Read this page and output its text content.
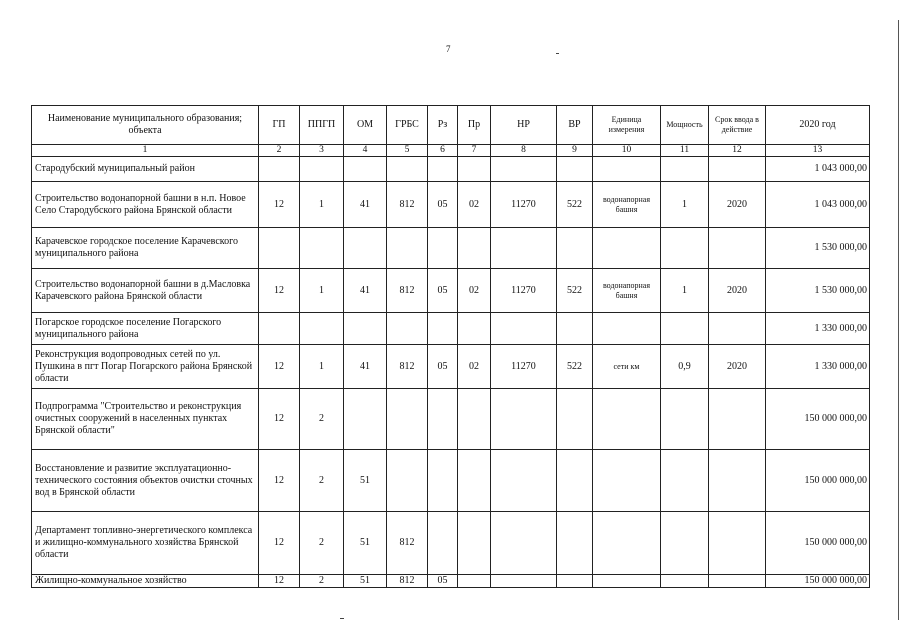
7
Наименование муниципального образования; объекта	ГП	ППГП	ОМ	ГРБС	Рз	Пр	НР	ВР	Единица измерения	Мощность	Срок ввода в действие	2020 год
1	2	3	4	5	6	7	8	9	10	11	12	13
Стародубский муниципальный район												1 043 000,00
Строительство водонапорной башни в н.п. Новое Село Стародубского района Брянской области	12	1	41	812	05	02	11270	522	водонапорная башня	1	2020	1 043 000,00
Карачевское городское поселение Карачевского муниципального района												1 530 000,00
Строительство водонапорной башни в д.Масловка Карачевского района Брянской области	12	1	41	812	05	02	11270	522	водонапорная башня	1	2020	1 530 000,00
Погарское городское поселение Погарского муниципального района												1 330 000,00
Реконструкция водопроводных сетей по ул. Пушкина в пгт Погар Погарского района Брянской области	12	1	41	812	05	02	11270	522	сети км	0,9	2020	1 330 000,00
Подпрограмма "Строительство и реконструкция очистных сооружений в населенных пунктах Брянской области"	12	2										150 000 000,00
Восстановление и развитие эксплуатационно-технического состояния объектов очистки сточных вод в Брянской области	12	2	51									150 000 000,00
Департамент топливно-энергетического комплекса и жилищно-коммунального хозяйства Брянской области	12	2	51	812								150 000 000,00
Жилищно-коммунальное хозяйство	12	2	51	812	05							150 000 000,00
